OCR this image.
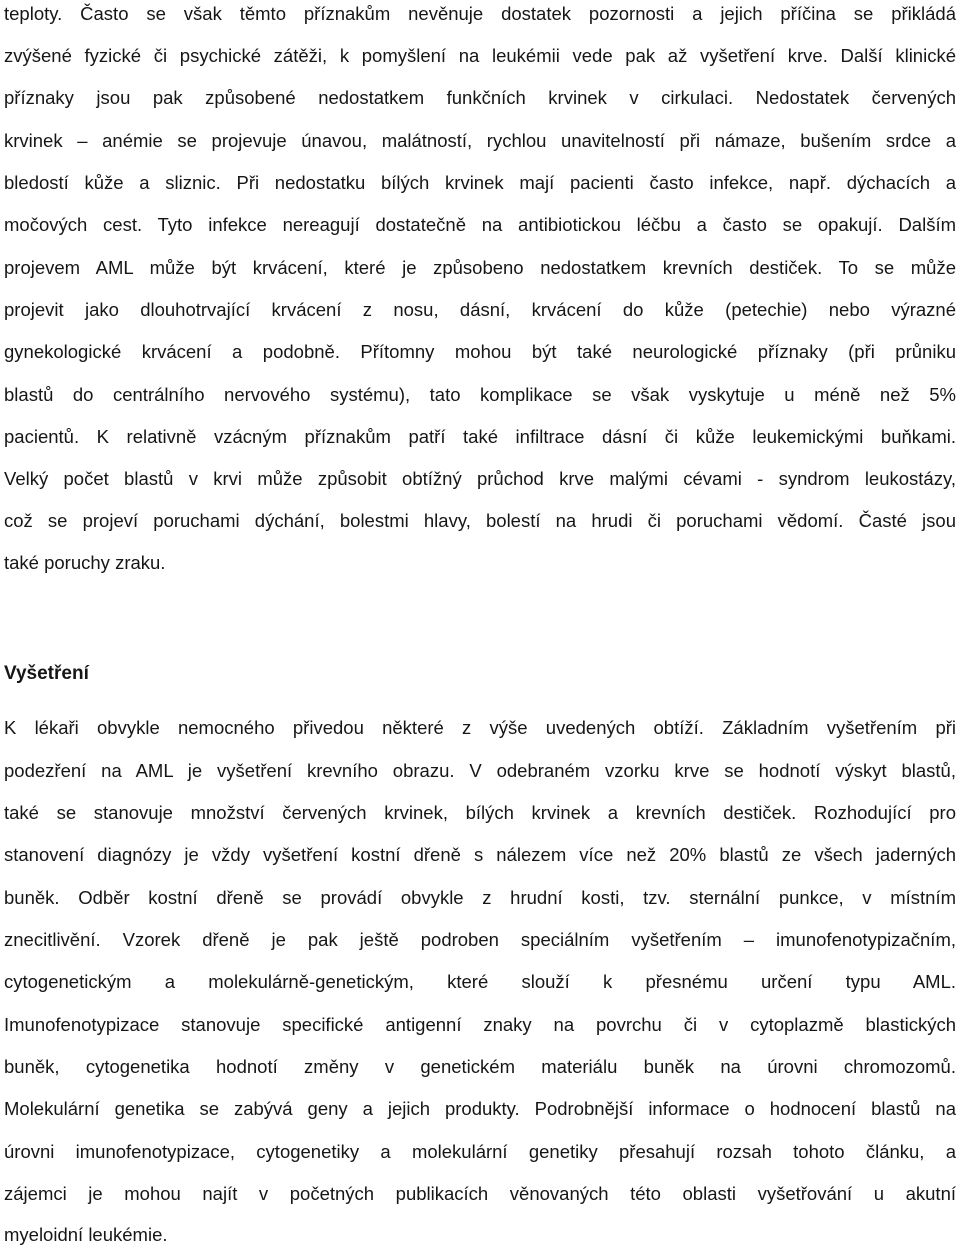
teploty. Často se však těmto příznakům nevěnuje dostatek pozornosti a jejich příčina se přikládá
zvýšené fyzické či psychické zátěži, k pomyšlení na leukémii vede pak až vyšetření krve. Další klinické
příznaky jsou pak způsobené nedostatkem funkčních krvinek v cirkulaci. Nedostatek červených
krvinek – anémie se projevuje únavou, malátností, rychlou unavitelností při námaze, bušením srdce a
bledostí kůže a sliznic. Při nedostatku bílých krvinek mají pacienti často infekce, např. dýchacích a
močových cest. Tyto infekce nereagují dostatečně na antibiotickou léčbu a často se opakují. Dalším
projevem AML může být krvácení, které je způsobeno nedostatkem krevních destiček. To se může
projevit jako dlouhotrvající krvácení z nosu, dásní, krvácení do kůže (petechie) nebo výrazné
gynekologické krvácení a podobně. Přítomny mohou být také neurologické příznaky (při průniku
blastů do centrálního nervového systému), tato komplikace se však vyskytuje u méně než 5%
pacientů. K relativně vzácným příznakům patří také infiltrace dásní či kůže leukemickými buňkami.
Velký počet blastů v krvi může způsobit obtížný průchod krve malými cévami - syndrom leukostázy,
což se projeví poruchami dýchání, bolestmi hlavy, bolestí na hrudi či poruchami vědomí. Časté jsou
také poruchy zraku.
Vyšetření
K lékaři obvykle nemocného přivedou některé z výše uvedených obtíží. Základním vyšetřením při
podezření na AML je vyšetření krevního obrazu. V odebraném vzorku krve se hodnotí výskyt blastů,
také se stanovuje množství červených krvinek, bílých krvinek a krevních destiček. Rozhodující pro
stanovení diagnózy je vždy vyšetření kostní dřeně s nálezem více než 20% blastů ze všech jaderných
buněk. Odběr kostní dřeně se provádí obvykle z hrudní kosti, tzv. sternální punkce, v místním
znecitlivění. Vzorek dřeně je pak ještě podroben speciálním vyšetřením – imunofenotypizačním,
cytogenetickým a molekulárně-genetickým, které slouží k přesnému určení typu AML.
Imunofenotypizace stanovuje specifické antigenní znaky na povrchu či v cytoplazmě blastických
buněk, cytogenetika hodnotí změny v genetickém materiálu buněk na úrovni chromozomů.
Molekulární genetika se zabývá geny a jejich produkty. Podrobnější informace o hodnocení blastů na
úrovni imunofenotypizace, cytogenetiky a molekulární genetiky přesahují rozsah tohoto článku, a
zájemci je mohou najít v početných publikacích věnovaných této oblasti vyšetřování u akutní
myeloidní leukémie.
